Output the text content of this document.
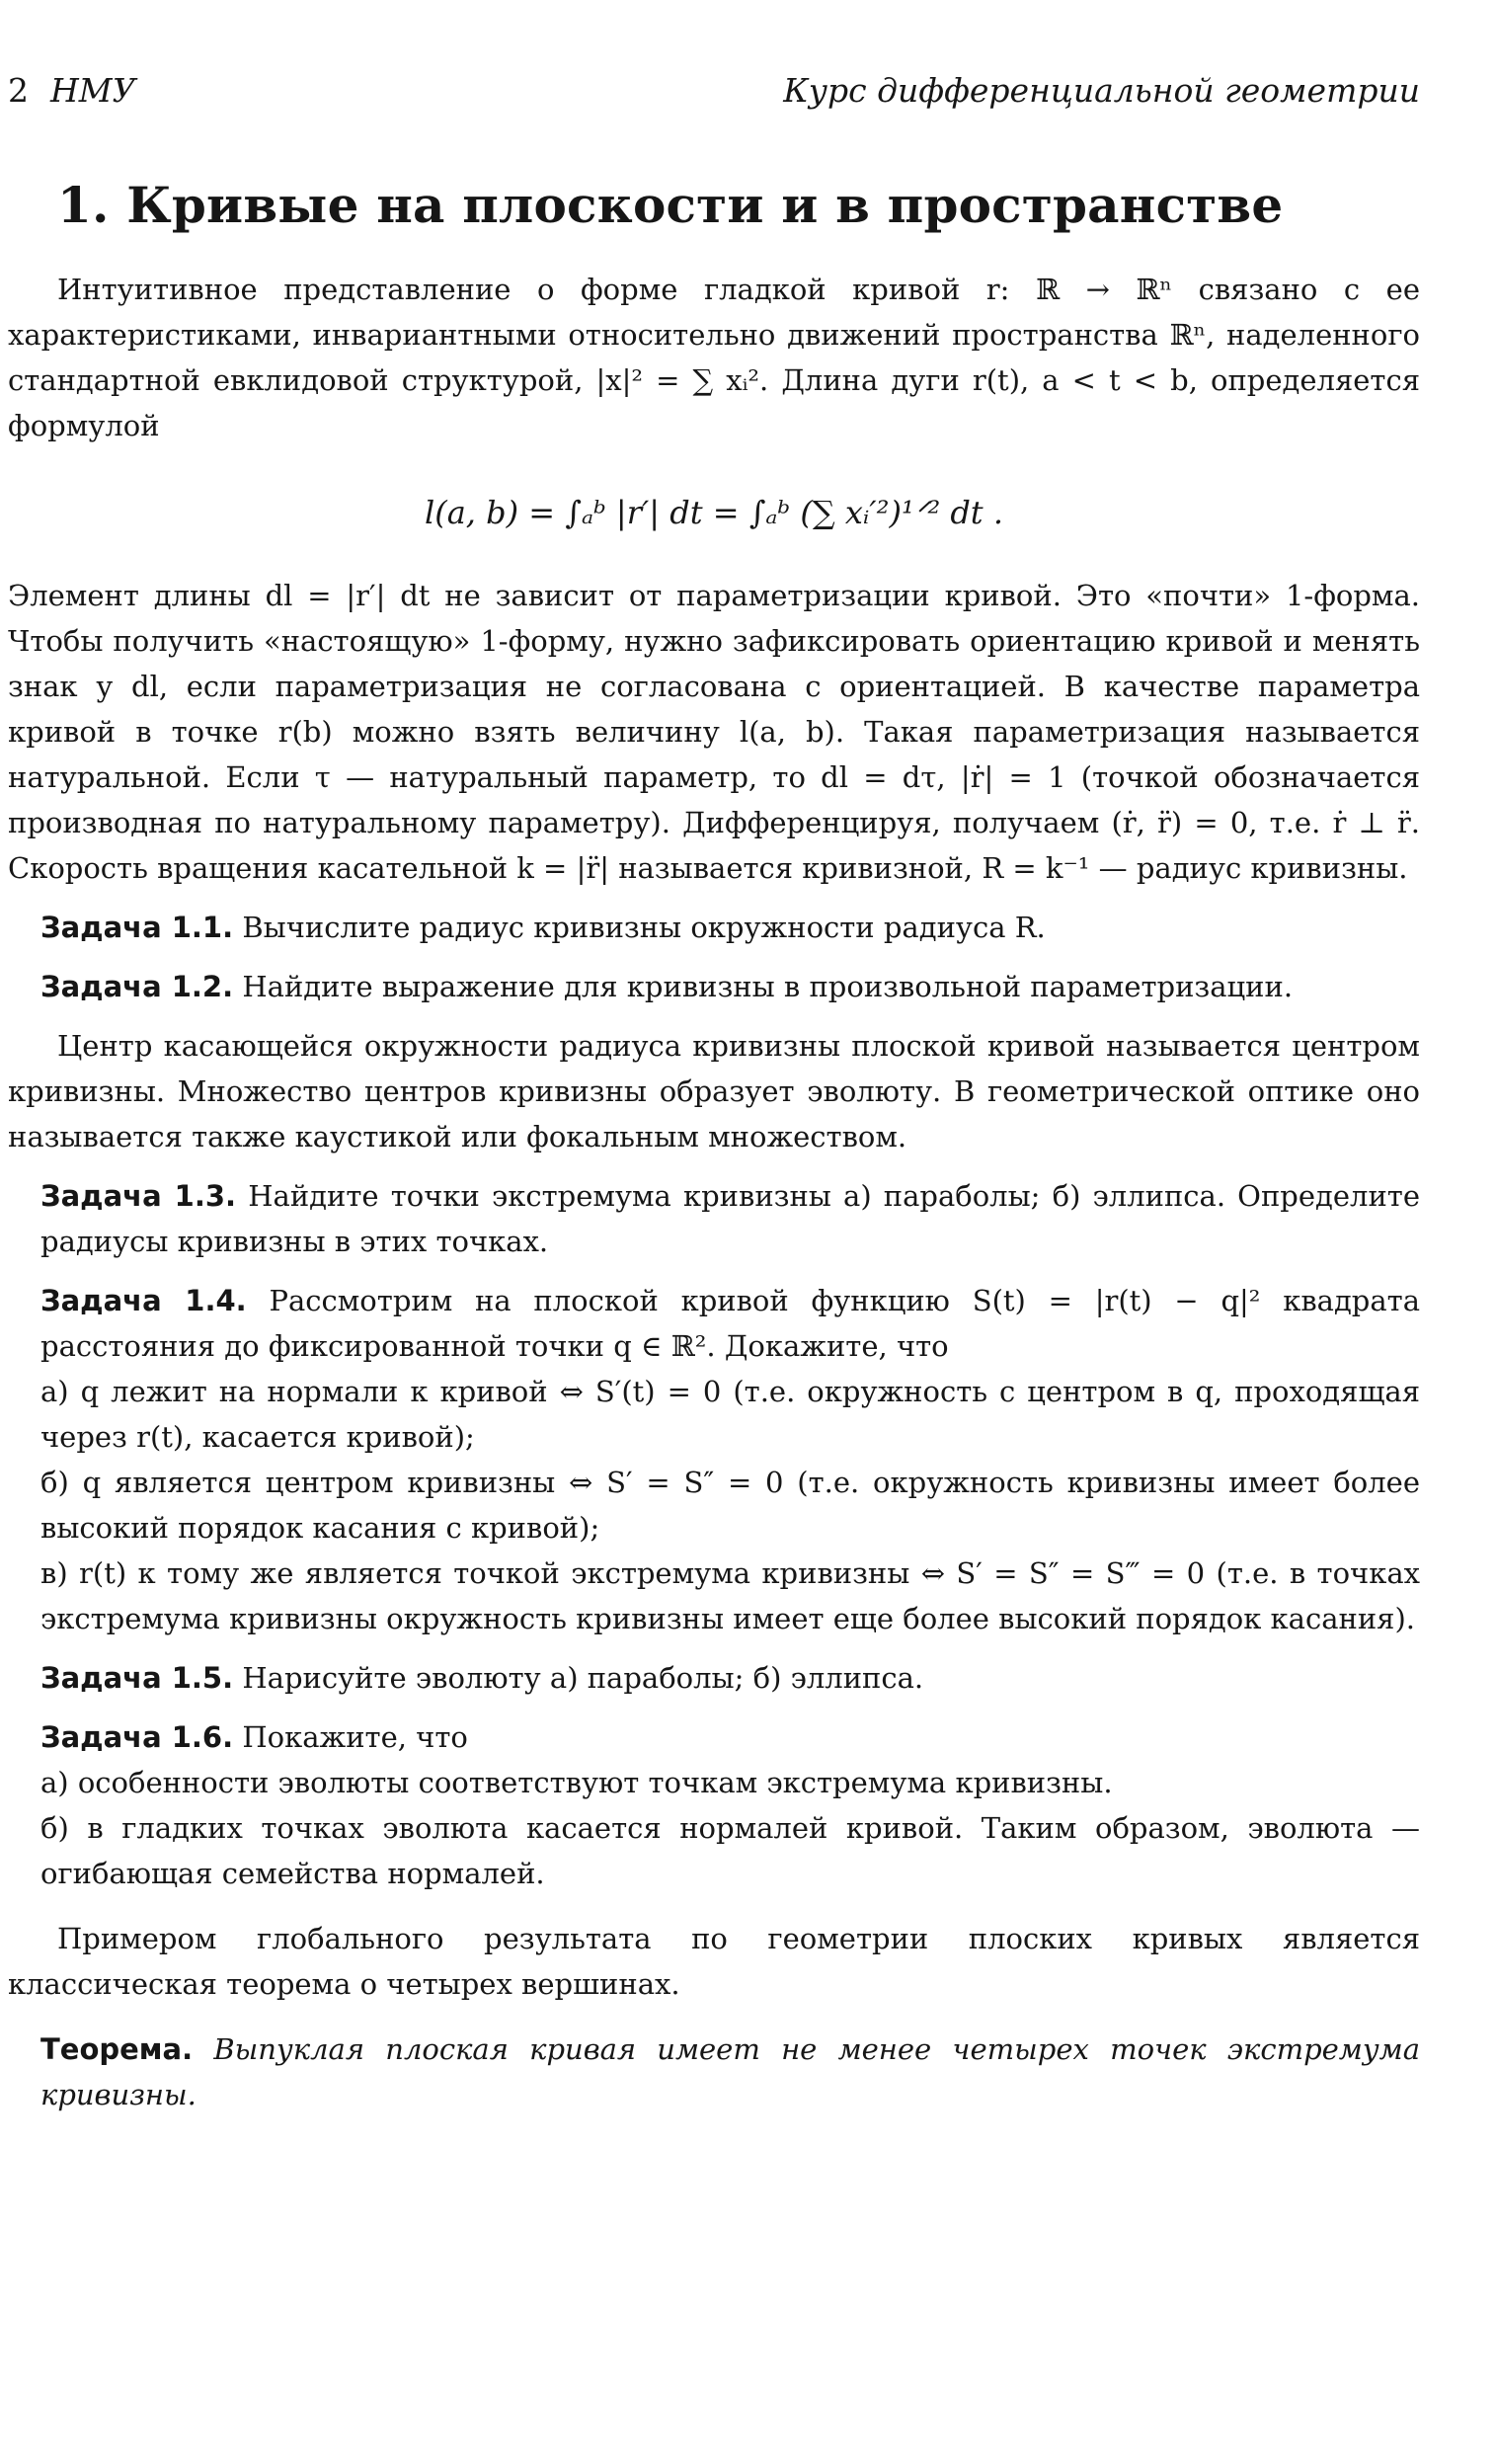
2 НМУ	Курс дифференциальной геометрии
1. Кривые на плоскости и в пространстве

Интуитивное представление о форме гладкой кривой r: ℝ → ℝⁿ связано с ее характеристиками, инвариантными относительно движений пространства ℝⁿ, наделенного стандартной евклидовой структурой, |x|² = ∑ xᵢ². Длина дуги r(t), a < t < b, определяется формулой

l(a, b) = ∫ₐᵇ |r′| dt = ∫ₐᵇ (∑ xᵢ′²)¹ᐟ² dt .

Элемент длины dl = |r′| dt не зависит от параметризации кривой. Это «почти» 1-форма. Чтобы получить «настоящую» 1-форму, нужно зафиксировать ориентацию кривой и менять знак у dl, если параметризация не согласована с ориентацией. В качестве параметра кривой в точке r(b) можно взять величину l(a, b). Такая параметризация называется натуральной. Если τ — натуральный параметр, то dl = dτ, |ṙ| = 1 (точкой обозначается производная по натуральному параметру). Дифференцируя, получаем (ṙ, r̈) = 0, т.е. ṙ ⊥ r̈. Скорость вращения касательной k = |r̈| называется кривизной, R = k⁻¹ — радиус кривизны.

Задача 1.1. Вычислите радиус кривизны окружности радиуса R.

Задача 1.2. Найдите выражение для кривизны в произвольной параметризации.

Центр касающейся окружности радиуса кривизны плоской кривой называется центром кривизны. Множество центров кривизны образует эволюту. В геометрической оптике оно называется также каустикой или фокальным множеством.

Задача 1.3. Найдите точки экстремума кривизны а) параболы; б) эллипса. Определите радиусы кривизны в этих точках.

Задача 1.4. Рассмотрим на плоской кривой функцию S(t) = |r(t) − q|² квадрата расстояния до фиксированной точки q ∈ ℝ². Докажите, что

а) q лежит на нормали к кривой ⇔ S′(t) = 0 (т.е. окружность с центром в q, проходящая через r(t), касается кривой);

б) q является центром кривизны ⇔ S′ = S″ = 0 (т.е. окружность кривизны имеет более высокий порядок касания с кривой);

в) r(t) к тому же является точкой экстремума кривизны ⇔ S′ = S″ = S‴ = 0 (т.е. в точках экстремума кривизны окружность кривизны имеет еще более высокий порядок касания).

Задача 1.5. Нарисуйте эволюту а) параболы; б) эллипса.

Задача 1.6. Покажите, что

а) особенности эволюты соответствуют точкам экстремума кривизны.

б) в гладких точках эволюта касается нормалей кривой. Таким образом, эволюта — огибающая семейства нормалей.

Примером глобального результата по геометрии плоских кривых является классическая теорема о четырех вершинах.

Теорема. Выпуклая плоская кривая имеет не менее четырех точек экстремума кривизны.
